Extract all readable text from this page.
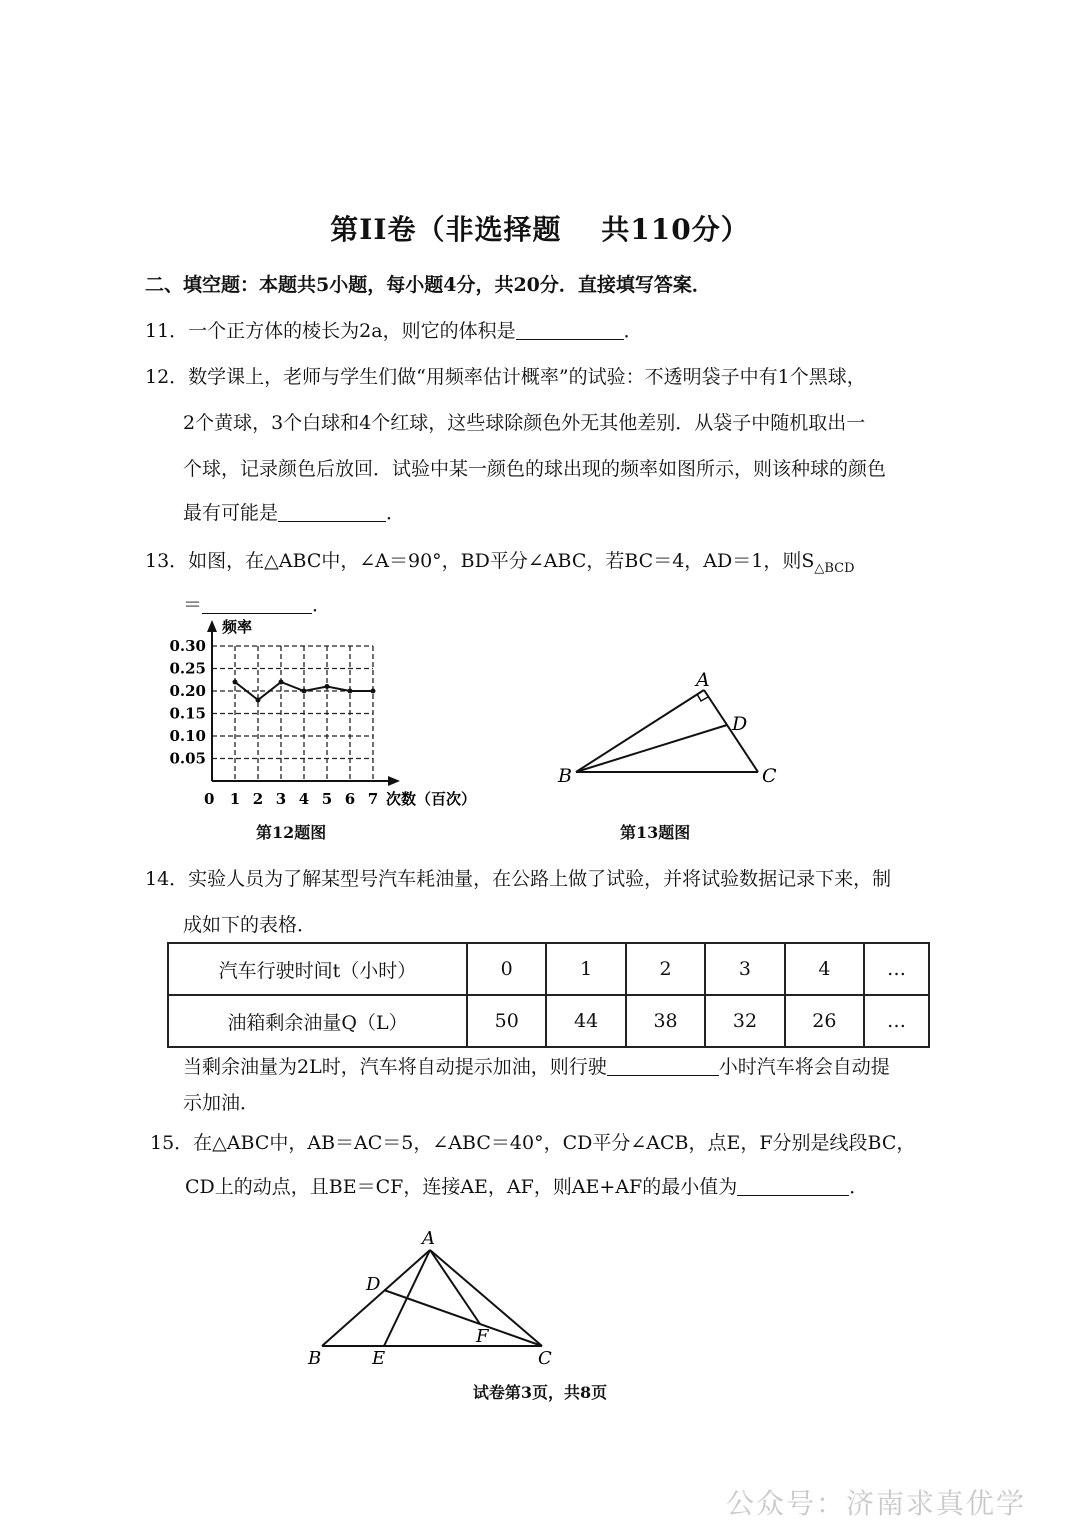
第II卷（非选择题　 共110分）
二、填空题：本题共5小题，每小题4分，共20分．直接填写答案．
11．一个正方体的棱长为2a，则它的体积是	．
12．数学课上，老师与学生们做“用频率估计概率”的试验：不透明袋子中有1个黑球，
2个黄球，3个白球和4个红球，这些球除颜色外无其他差别．从袋子中随机取出一
个球，记录颜色后放回．试验中某一颜色的球出现的频率如图所示，则该种球的颜色
最有可能是	．
13．如图，在△ABC中，∠A＝90°，BD平分∠ABC，若BC＝4，AD＝1，则$S_{\triangle BCD}$
＝	．
频率
次数（百次）
0
0.05
0.10
0.15
0.20
0.25
0.30
1 2 3 4 5 6 7
第12题图
A
B	C
D
第13题图
14．实验人员为了解某型号汽车耗油量，在公路上做了试验，并将试验数据记录下来，制
成如下的表格．
汽车行驶时间t（小时）	0	1	2	3	4	…
油箱剩余油量Q（L）	50	44	38	32	26	…
当剩余油量为2L时，汽车将自动提示加油，则行驶	小时汽车将会自动提
示加油．
15．在△ABC中，AB＝AC＝5，∠ABC＝40°，CD平分∠ACB，点E，F分别是线段BC，
CD上的动点，且BE＝CF，连接AE，AF，则AE+AF的最小值为	．
A
B	C
D
E
F
试卷第3页，共8页
公众号：济南求真优学
